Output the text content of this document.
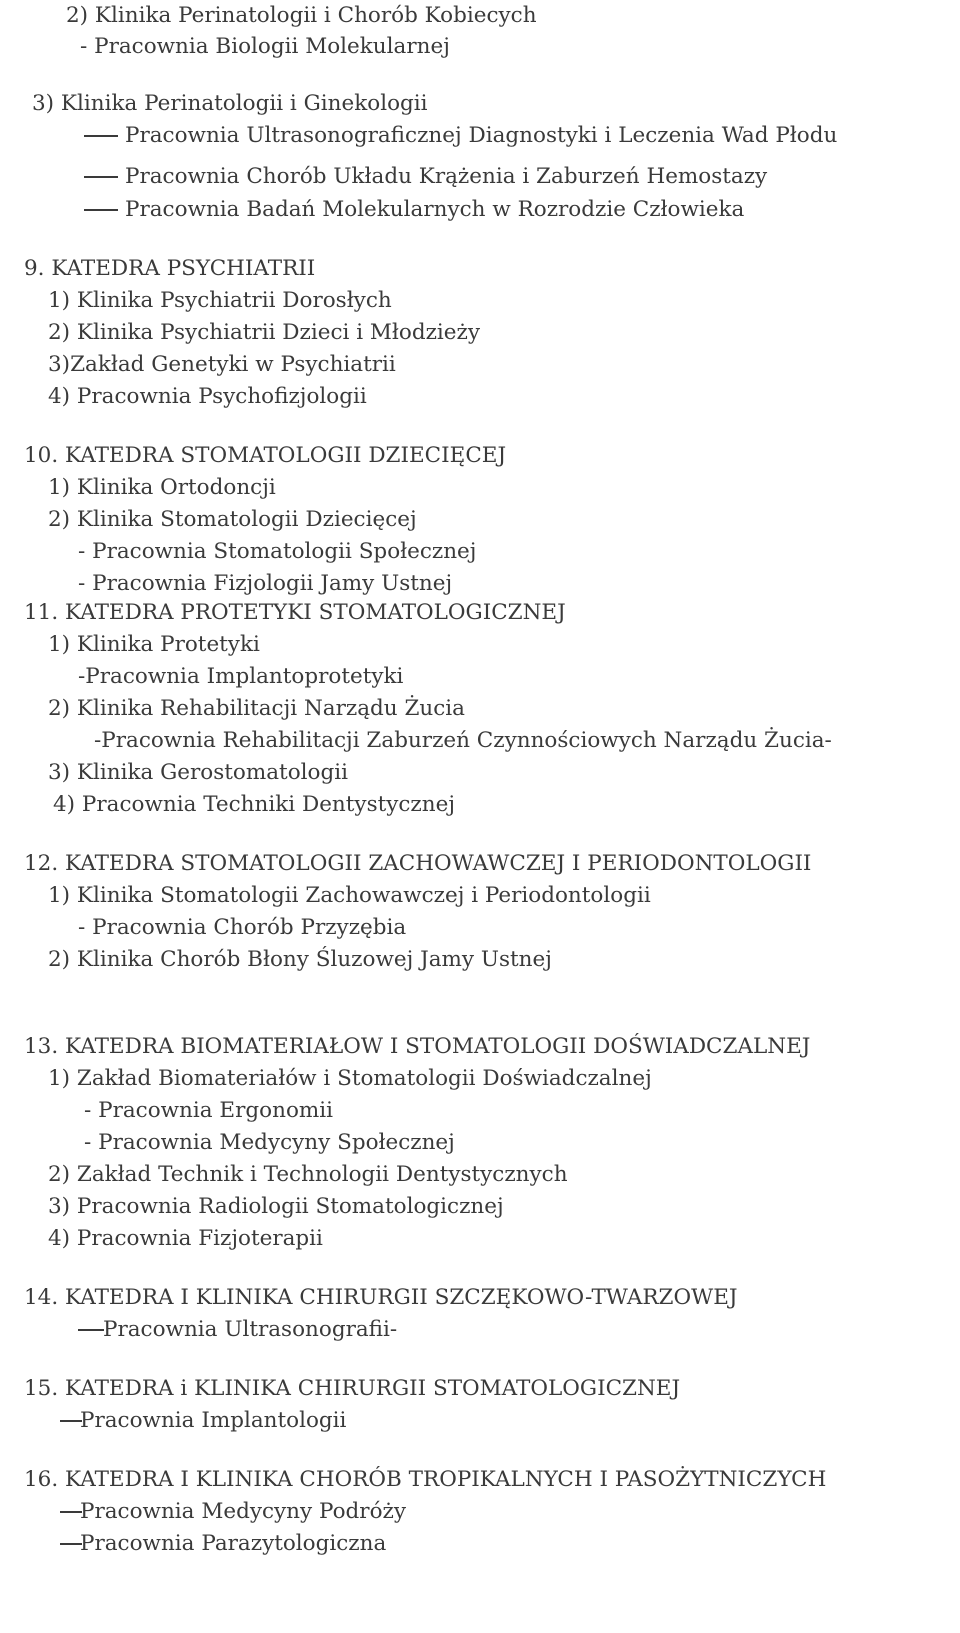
2) Klinika Perinatologii i Chorób Kobiecych
- Pracownia Biologii Molekularnej
3) Klinika Perinatologii i Ginekologii
Pracownia Ultrasonograficznej Diagnostyki i Leczenia Wad Płodu
Pracownia Chorób Układu Krążenia i Zaburzeń Hemostazy
Pracownia Badań Molekularnych w Rozrodzie Człowieka
9. KATEDRA PSYCHIATRII
1) Klinika Psychiatrii Dorosłych
2) Klinika Psychiatrii Dzieci i Młodzieży
3)Zakład Genetyki w Psychiatrii
4) Pracownia Psychofizjologii
10. KATEDRA STOMATOLOGII DZIECIĘCEJ
1) Klinika Ortodoncji
2) Klinika Stomatologii Dziecięcej
- Pracownia Stomatologii Społecznej
- Pracownia Fizjologii Jamy Ustnej
11. KATEDRA PROTETYKI STOMATOLOGICZNEJ
1) Klinika Protetyki
-Pracownia Implantoprotetyki
2) Klinika Rehabilitacji Narządu Żucia
-Pracownia Rehabilitacji Zaburzeń Czynnościowych Narządu Żucia-
3) Klinika Gerostomatologii
4) Pracownia Techniki Dentystycznej
12. KATEDRA STOMATOLOGII ZACHOWAWCZEJ I PERIODONTOLOGII
1) Klinika Stomatologii Zachowawczej i Periodontologii
- Pracownia Chorób Przyzębia
2) Klinika Chorób Błony Śluzowej Jamy Ustnej
13. KATEDRA BIOMATERIAŁOW I STOMATOLOGII DOŚWIADCZALNEJ
1) Zakład Biomateriałów i Stomatologii Doświadczalnej
- Pracownia Ergonomii
- Pracownia Medycyny Społecznej
2) Zakład Technik i Technologii Dentystycznych
3) Pracownia Radiologii Stomatologicznej
4) Pracownia Fizjoterapii
14. KATEDRA I KLINIKA CHIRURGII SZCZĘKOWO-TWARZOWEJ
Pracownia Ultrasonografii-
15. KATEDRA i KLINIKA CHIRURGII STOMATOLOGICZNEJ
Pracownia Implantologii
16. KATEDRA I KLINIKA CHORÓB TROPIKALNYCH I PASOŻYTNICZYCH
Pracownia Medycyny Podróży
Pracownia Parazytologiczna
